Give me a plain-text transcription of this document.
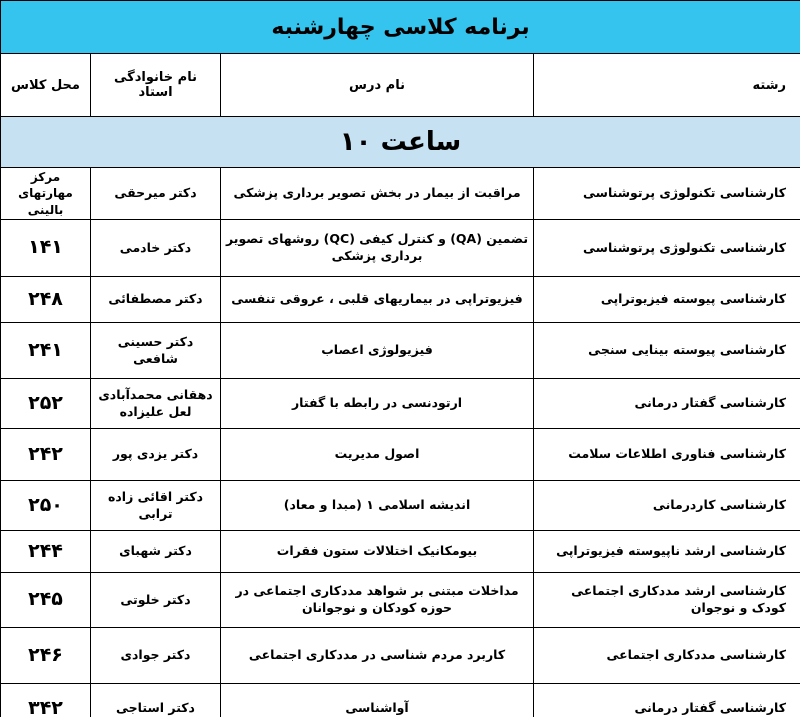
برنامه کلاسی چهارشنبه			
رشته	نام درس	نام خانوادگی استاد	محل کلاس
ساعت ۱۰			
کارشناسی تکنولوژی پرتوشناسی	مراقبت از بیمار در بخش تصویر برداری پزشکی	دکتر میرحقی	مرکز مهارتهای بالینی
کارشناسی تکنولوژی پرتوشناسی	تضمین (QA) و کنترل کیفی (QC) روشهای تصویر برداری پزشکی	دکتر خادمی	۱۴۱
کارشناسی پیوسته فیزیوتراپی	فیزیوتراپی در بیماریهای قلبی ، عروقی تنفسی	دکتر مصطفائی	۲۴۸
کارشناسی پیوسته بینایی سنجی	فیزیولوژی اعصاب	دکتر حسینی شافعی	۲۴۱
کارشناسی گفتار درمانی	ارتودنسی در رابطه با گفتار	دهقانی محمدآبادی لعل علیزاده	۲۵۲
کارشناسی فناوری اطلاعات سلامت	اصول مدیریت	دکتر یزدی پور	۲۴۲
کارشناسی کاردرمانی	اندیشه اسلامی ۱ (مبدا و معاد)	دکتر اقائی زاده ترابی	۲۵۰
کارشناسی ارشد ناپیوسته فیزیوتراپی	بیومکانیک اختلالات ستون فقرات	دکتر شهبای	۲۴۴
کارشناسی ارشد مددکاری اجتماعی کودک و نوجوان	مداخلات مبتنی بر شواهد مددکاری اجتماعی در حوزه کودکان و نوجوانان	دکتر خلوتی	۲۴۵
کارشناسی مددکاری اجتماعی	کاربرد مردم شناسی در مددکاری اجتماعی	دکتر جوادی	۲۴۶
کارشناسی گفتار درمانی	آواشناسی	دکتر استاجی	۳۴۲
